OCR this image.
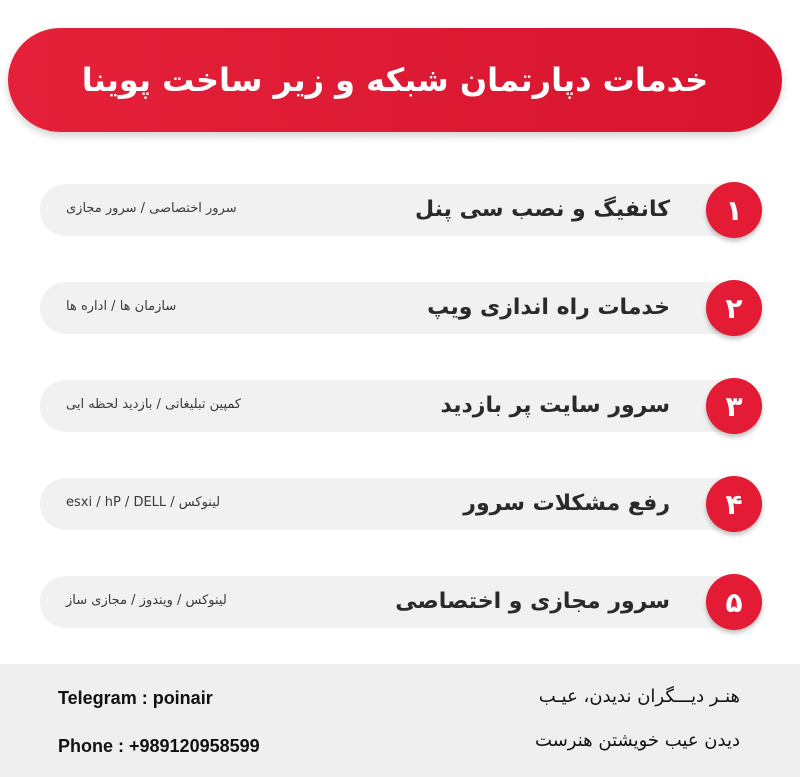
خدمات دپارتمان شبکه و زیر ساخت پوینا
سرور اختصاصی / سرور مجازی	کانفیگ و نصب سی پنل	۱
سازمان ها / اداره ها	خدمات راه اندازی ویپ	۲
کمپین تبلیغاتی / بازدید لحظه ایی	سرور سایت پر بازدید	۳
لینوکس / esxi / hP / DELL	رفع مشکلات سرور	۴
لینوکس / ویندوز / مجازی ساز	سرور مجازی و اختصاصی	۵
Telegram : poinair
Phone : +989120958599
هنـر دیـــگران ندیدن، عیـب
دیدن عیب خویشتن هنرست
